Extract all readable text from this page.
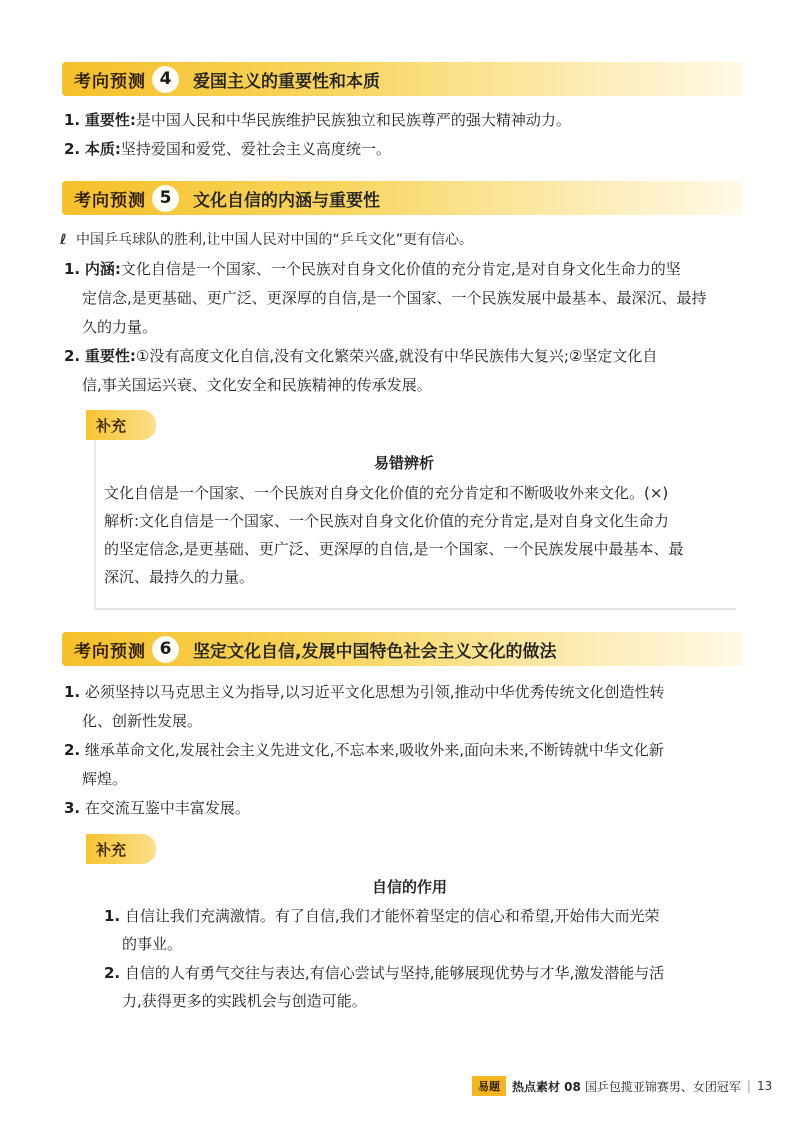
考向预测 4	爱国主义的重要性和本质
1. 重要性:是中国人民和中华民族维护民族独立和民族尊严的强大精神动力。
2. 本质:坚持爱国和爱党、爱社会主义高度统一。
考向预测 5	文化自信的内涵与重要性
ℓ 中国乒乓球队的胜利,让中国人民对中国的“乒乓文化”更有信心。
1. 内涵:文化自信是一个国家、一个民族对自身文化价值的充分肯定,是对自身文化生命力的坚
定信念,是更基础、更广泛、更深厚的自信,是一个国家、一个民族发展中最基本、最深沉、最持
久的力量。
2. 重要性:①没有高度文化自信,没有文化繁荣兴盛,就没有中华民族伟大复兴;②坚定文化自
信,事关国运兴衰、文化安全和民族精神的传承发展。
补充
易错辨析
文化自信是一个国家、一个民族对自身文化价值的充分肯定和不断吸收外来文化。(×)
解析:文化自信是一个国家、一个民族对自身文化价值的充分肯定,是对自身文化生命力
的坚定信念,是更基础、更广泛、更深厚的自信,是一个国家、一个民族发展中最基本、最
深沉、最持久的力量。
考向预测 6	坚定文化自信,发展中国特色社会主义文化的做法
1. 必须坚持以马克思主义为指导,以习近平文化思想为引领,推动中华优秀传统文化创造性转
化、创新性发展。
2. 继承革命文化,发展社会主义先进文化,不忘本来,吸收外来,面向未来,不断铸就中华文化新
辉煌。
3. 在交流互鉴中丰富发展。
补充
自信的作用
1. 自信让我们充满激情。有了自信,我们才能怀着坚定的信心和希望,开始伟大而光荣
的事业。
2. 自信的人有勇气交往与表达,有信心尝试与坚持,能够展现优势与才华,激发潜能与活
力,获得更多的实践机会与创造可能。
易题	热点素材 08 国乒包揽亚锦赛男、女团冠军 | 13
